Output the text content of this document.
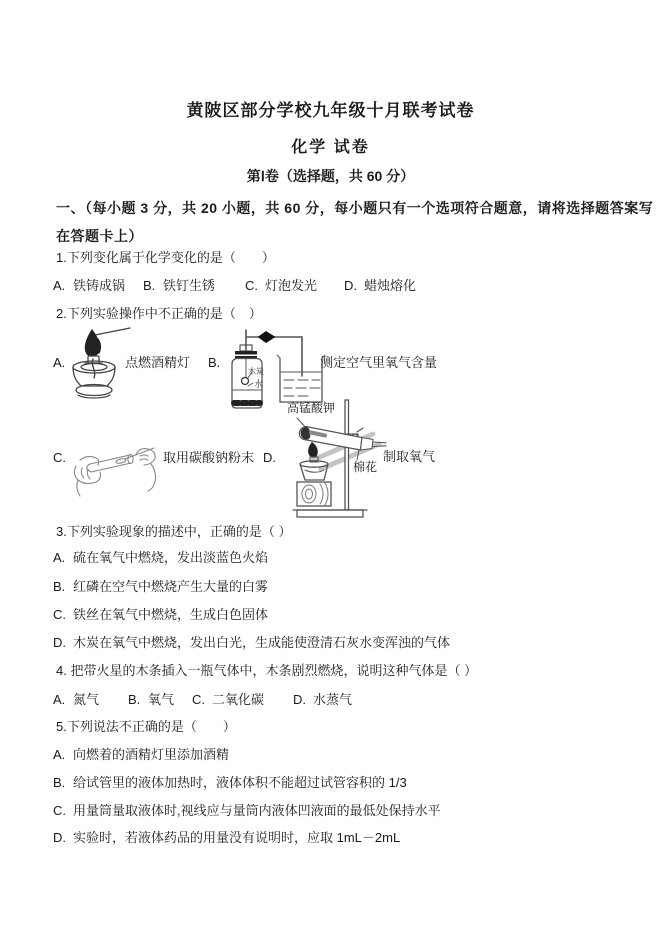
黄陂区部分学校九年级十月联考试卷
化学 试卷
第Ⅰ卷（选择题，共 60 分）
一、（每小题 3 分，共 20 小题，共 60 分，每小题只有一个选项符合题意，请将选择题答案写
在答题卡上）
1.下列变化属于化学变化的是（　　）
A. 铁铸成锅 B. 铁钉生锈 C. 灯泡发光 D. 蜡烛熔化
2.下列实验操作中不正确的是（　）
A.	点燃酒精灯 B.
木炭
水
测定空气里氧气含量
C.	取用碳酸钠粉末 D.
高锰酸钾
棉花
制取氧气
3.下列实验现象的描述中，正确的是（ ）
A. 硫在氧气中燃烧，发出淡蓝色火焰
B. 红磷在空气中燃烧产生大量的白雾
C. 铁丝在氧气中燃烧，生成白色固体
D. 木炭在氧气中燃烧，发出白光，生成能使澄清石灰水变浑浊的气体
4. 把带火星的木条插入一瓶气体中，木条剧烈燃烧，说明这种气体是（ ）
A. 氮气 B. 氧气 C. 二氧化碳 D. 水蒸气
5.下列说法不正确的是（　　）
A. 向燃着的酒精灯里添加酒精
B. 给试管里的液体加热时，液体体积不能超过试管容积的 1/3
C. 用量筒量取液体时,视线应与量筒内液体凹液面的最低处保持水平
D. 实验时，若液体药品的用量没有说明时，应取 1mL－2mL
